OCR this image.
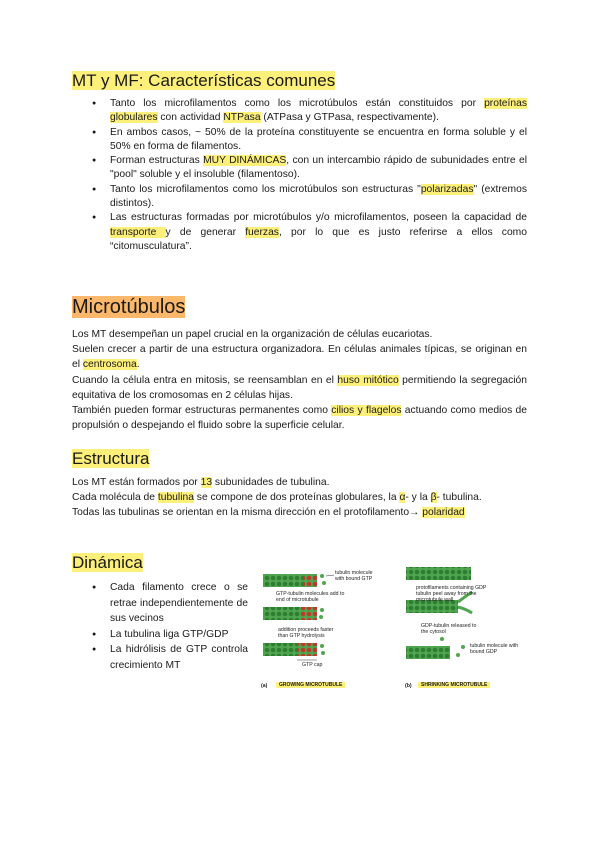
MT y MF: Características comunes
● Tanto los microfilamentos como los microtúbulos están constituidos por proteínas globulares con actividad NTPasa (ATPasa y GTPasa, respectivamente).
● En ambos casos, ~ 50% de la proteína constituyente se encuentra en forma soluble y el 50% en forma de filamentos.
● Forman estructuras MUY DINÁMICAS, con un intercambio rápido de subunidades entre el "pool" soluble y el insoluble (filamentoso).
● Tanto los microfilamentos como los microtúbulos son estructuras "polarizadas" (extremos distintos).
● Las estructuras formadas por microtúbulos y/o microfilamentos, poseen la capacidad de transporte y de generar fuerzas, por lo que es justo referirse a ellos como “citomusculatura”.
Microtúbulos
Los MT desempeñan un papel crucial en la organización de células eucariotas.
Suelen crecer a partir de una estructura organizadora. En células animales típicas, se originan en el centrosoma.
Cuando la célula entra en mitosis, se reensamblan en el huso mitótico permitiendo la segregación equitativa de los cromosomas en 2 células hijas.
También pueden formar estructuras permanentes como cilios y flagelos actuando como medios de propulsión o despejando el fluido sobre la superficie celular.
Estructura
Los MT están formados por 13 subunidades de tubulina.
Cada molécula de tubulina se compone de dos proteínas globulares, la α- y la β- tubulina.
Todas las tubulinas se orientan en la misma dirección en el protofilamento→ polaridad
Dinámica
● Cada filamento crece o se retrae independientemente de sus vecinos
● La tubulina liga GTP/GDP
● La hidrólisis de GTP controla crecimiento MT
tubulin molecule with bound GTP
GTP-tubulin molecules add to end of microtubule
addition proceeds faster than GTP hydrolysis
GTP cap
protofilaments containing GDP tubulin peel away from the microtubule wall
GDP-tubulin released to the cytosol
tubulin molecule with bound GDP
(a)	GROWING MICROTUBULE	(b)	SHRINKING MICROTUBULE
